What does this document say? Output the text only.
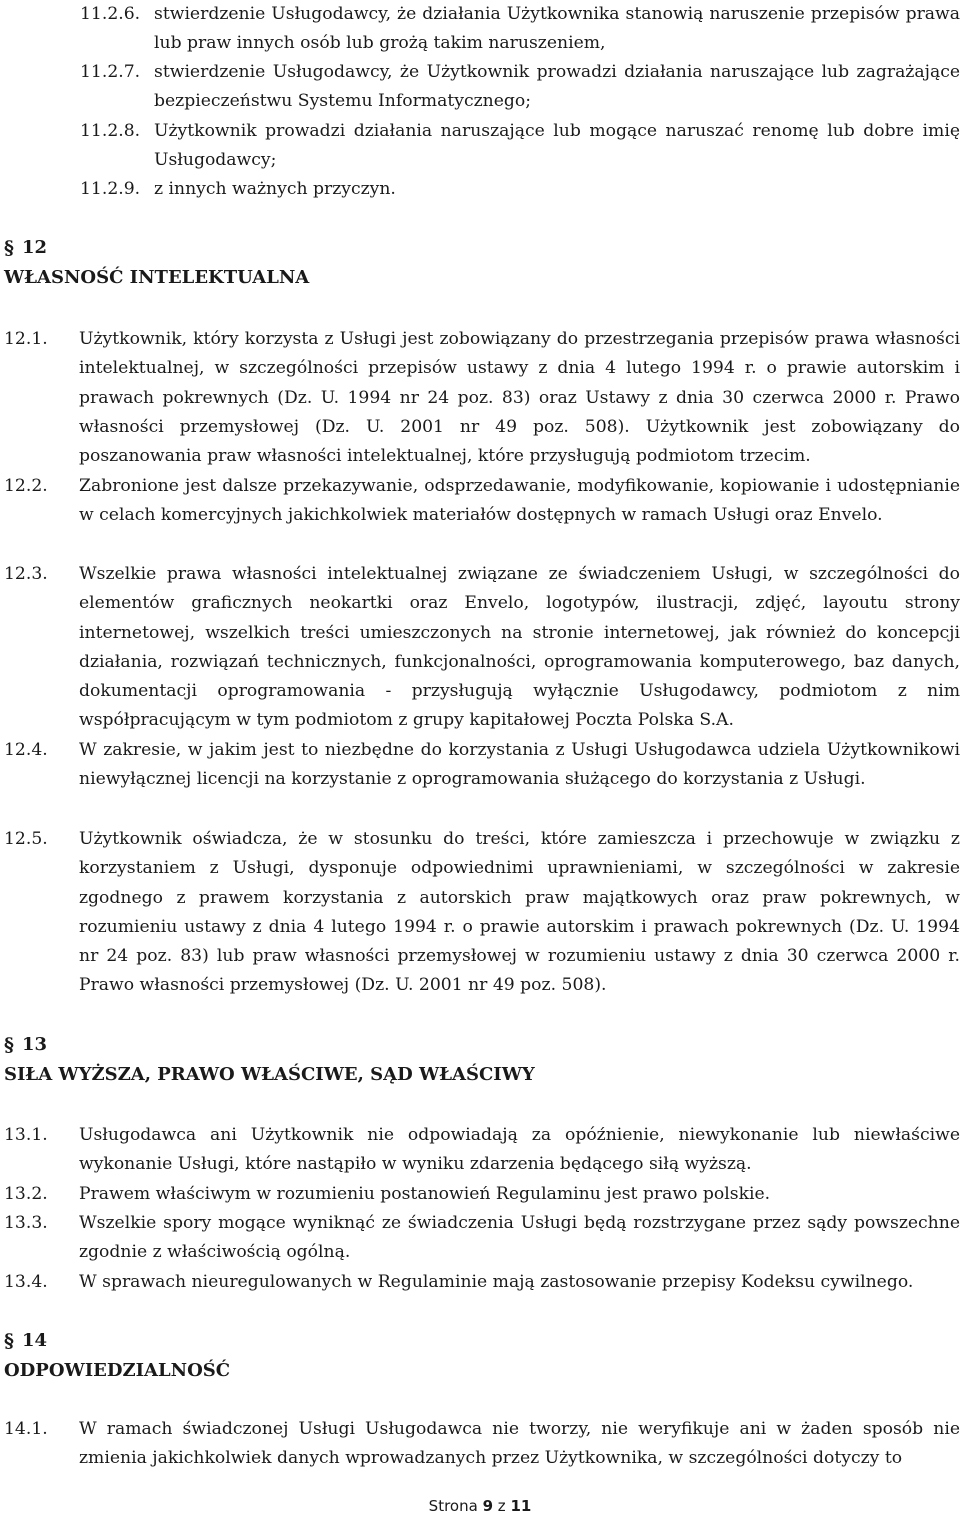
11.2.6. stwierdzenie Usługodawcy, że działania Użytkownika stanowią naruszenie przepisów prawa lub praw innych osób lub grożą takim naruszeniem,
11.2.7. stwierdzenie Usługodawcy, że Użytkownik prowadzi działania naruszające lub zagrażające bezpieczeństwu Systemu Informatycznego;
11.2.8. Użytkownik prowadzi działania naruszające lub mogące naruszać renomę lub dobre imię Usługodawcy;
11.2.9. z innych ważnych przyczyn.
§ 12
WŁASNOŚĆ INTELEKTUALNA
12.1. Użytkownik, który korzysta z Usługi jest zobowiązany do przestrzegania przepisów prawa własności intelektualnej, w szczególności przepisów ustawy z dnia 4 lutego 1994 r. o prawie autorskim i prawach pokrewnych (Dz. U. 1994 nr 24 poz. 83) oraz Ustawy z dnia 30 czerwca 2000 r. Prawo własności przemysłowej (Dz. U. 2001 nr 49 poz. 508). Użytkownik jest zobowiązany do poszanowania praw własności intelektualnej, które przysługują podmiotom trzecim.
12.2. Zabronione jest dalsze przekazywanie, odsprzedawanie, modyfikowanie, kopiowanie i udostępnianie w celach komercyjnych jakichkolwiek materiałów dostępnych w ramach Usługi oraz Envelo.
12.3. Wszelkie prawa własności intelektualnej związane ze świadczeniem Usługi, w szczególności do elementów graficznych neokartki oraz Envelo, logotypów, ilustracji, zdjęć, layoutu strony internetowej, wszelkich treści umieszczonych na stronie internetowej, jak również do koncepcji działania, rozwiązań technicznych, funkcjonalności, oprogramowania komputerowego, baz danych, dokumentacji oprogramowania - przysługują wyłącznie Usługodawcy, podmiotom z nim współpracującym w tym podmiotom z grupy kapitałowej Poczta Polska S.A.
12.4. W zakresie, w jakim jest to niezbędne do korzystania z Usługi Usługodawca udziela Użytkownikowi niewyłącznej licencji na korzystanie z oprogramowania służącego do korzystania z Usługi.
12.5. Użytkownik oświadcza, że w stosunku do treści, które zamieszcza i przechowuje w związku z korzystaniem z Usługi, dysponuje odpowiednimi uprawnieniami, w szczególności w zakresie zgodnego z prawem korzystania z autorskich praw majątkowych oraz praw pokrewnych, w rozumieniu ustawy z dnia 4 lutego 1994 r. o prawie autorskim i prawach pokrewnych (Dz. U. 1994 nr 24 poz. 83) lub praw własności przemysłowej w rozumieniu ustawy z dnia 30 czerwca 2000 r. Prawo własności przemysłowej (Dz. U. 2001 nr 49 poz. 508).
§ 13
SIŁA WYŻSZA, PRAWO WŁAŚCIWE, SĄD WŁAŚCIWY
13.1. Usługodawca ani Użytkownik nie odpowiadają za opóźnienie, niewykonanie lub niewłaściwe wykonanie Usługi, które nastąpiło w wyniku zdarzenia będącego siłą wyższą.
13.2. Prawem właściwym w rozumieniu postanowień Regulaminu jest prawo polskie.
13.3. Wszelkie spory mogące wyniknąć ze świadczenia Usługi będą rozstrzygane przez sądy powszechne zgodnie z właściwością ogólną.
13.4. W sprawach nieuregulowanych w Regulaminie mają zastosowanie przepisy Kodeksu cywilnego.
§ 14
ODPOWIEDZIALNOŚĆ
14.1. W ramach świadczonej Usługi Usługodawca nie tworzy, nie weryfikuje ani w żaden sposób nie zmienia jakichkolwiek danych wprowadzanych przez Użytkownika, w szczególności dotyczy to
Strona 9 z 11
